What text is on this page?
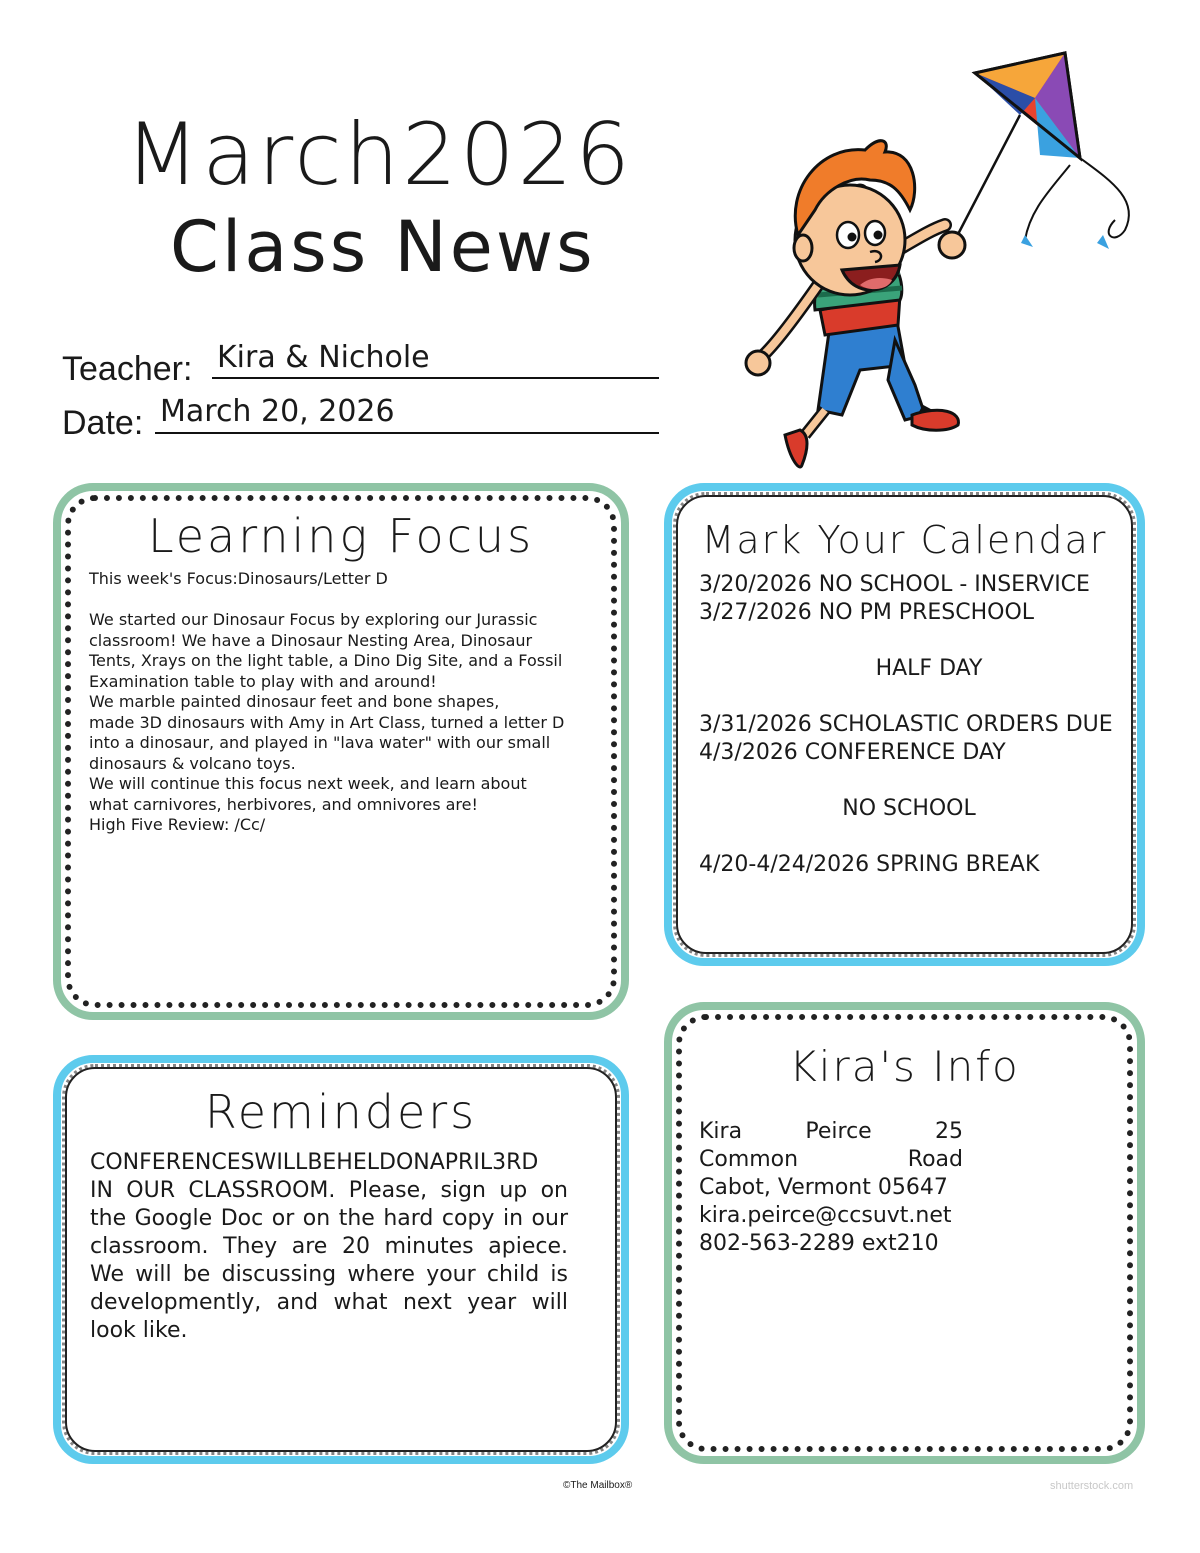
March2026
Class News
Teacher: Kira & Nichole
Date: March 20, 2026
Learning Focus
This week's Focus:Dinosaurs/Letter D
We started our Dinosaur Focus by exploring our Jurassic
classroom! We have a Dinosaur Nesting Area, Dinosaur
Tents, Xrays on the light table, a Dino Dig Site, and a Fossil
Examination table to play with and around!
We marble painted dinosaur feet and bone shapes,
made 3D dinosaurs with Amy in Art Class, turned a letter D
into a dinosaur, and played in "lava water" with our small
dinosaurs & volcano toys.
We will continue this focus next week, and learn about
what carnivores, herbivores, and omnivores are!
High Five Review: /Cc/
Mark Your Calendar
3/20/2026 NO SCHOOL - INSERVICE
3/27/2026 NO PM PRESCHOOL
HALF DAY
3/31/2026 SCHOLASTIC ORDERS DUE
4/3/2026 CONFERENCE DAY
NO SCHOOL
4/20-4/24/2026 SPRING BREAK
Reminders
CONFERENCESWILLBEHELDONAPRIL3RD
IN OUR CLASSROOM. Please, sign up on the Google Doc or on the hard copy in our classroom. They are 20 minutes apiece. We will be discussing where your child is developmently, and what next year will look like.
Kira's Info
Kira	Peirce	25
Common	Road
Cabot, Vermont 05647
kira.peirce@ccsuvt.net
802-563-2289 ext210
©The Mailbox®	shutterstock.com
